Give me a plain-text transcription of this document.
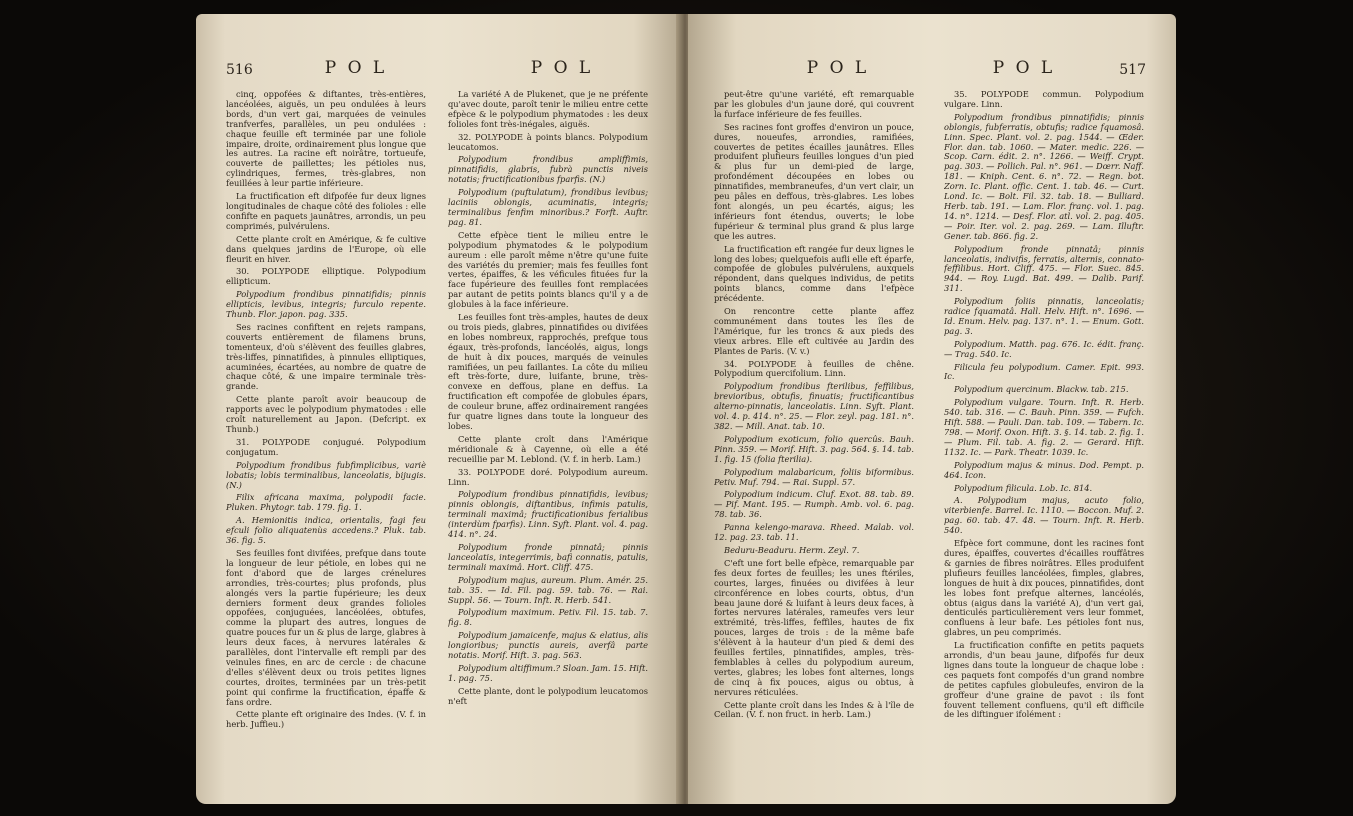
516	P O L	P O L

cinq, oppofées & diftantes, très-entières, lancéolées, aiguës, un peu ondulées à leurs bords, d'un vert gai, marquées de veinules tranfverfes, parallèles, un peu ondulées : chaque feuille eft terminée par une foliole impaire, droite, ordinairement plus longue que les autres. La racine eft noirâtre, tortueufe, couverte de paillettes; les pétioles nus, cylindriques, fermes, très-glabres, non feuillées à leur partie inférieure.

La fructification eft difpofée fur deux lignes longitudinales de chaque côté des folioles : elle confifte en paquets jaunâtres, arrondis, un peu comprimés, pulvérulens.

Cette plante croît en Amérique, & fe cultive dans quelques jardins de l'Europe, où elle fleurit en hiver.

30. POLYPODE elliptique. Polypodium ellipticum.

Polypodium frondibus pinnatifidis; pinnis ellipticis, levibus, integris; furculo repente. Thunb. Flor. japon. pag. 335.

Ses racines confiftent en rejets rampans, couverts entièrement de filamens bruns, tomenteux, d'où s'élèvent des feuilles glabres, très-liffes, pinnatifides, à pinnules elliptiques, acuminées, écartées, au nombre de quatre de chaque côté, & une impaire terminale très-grande.

Cette plante paroît avoir beaucoup de rapports avec le polypodium phymatodes : elle croît naturellement au Japon. (Defcript. ex Thunb.)

31. POLYPODE conjugué. Polypodium conjugatum.

Polypodium frondibus fubfimplicibus, variè lobatis; lobis terminalibus, lanceolatis, bijugis. (N.)

Filix africana maxima, polypodii facie. Pluken. Phytogr. tab. 179. fig. 1.

A. Hemionitis indica, orientalis, fagi feu efculi folio aliquatenùs accedens.? Pluk. tab. 36. fig. 5.

Ses feuilles font divifées, prefque dans toute la longueur de leur pétiole, en lobes qui ne font d'abord que de larges crénelures arrondies, très-courtes; plus profonds, plus alongés vers la partie fupérieure; les deux derniers forment deux grandes folioles oppofées, conjuguées, lancéolées, obtufes, comme la plupart des autres, longues de quatre pouces fur un & plus de large, glabres à leurs deux faces, à nervures latérales & parallèles, dont l'intervalle eft rempli par des veinules fines, en arc de cercle : de chacune d'elles s'élèvent deux ou trois petites lignes courtes, droites, terminées par un très-petit point qui confirme la fructification, épaffe & fans ordre.

Cette plante eft originaire des Indes. (V. f. in herb. Juffieu.)

La variété A de Plukenet, que je ne préfente qu'avec doute, paroît tenir le milieu entre cette efpèce & le polypodium phymatodes : les deux folioles font très-inégales, aiguës.

32. POLYPODE à points blancs. Polypodium leucatomos.

Polypodium frondibus ampliffimis, pinnatifidis, glabris, fubrà punctis niveis notatis; fructificationibus fparfis. (N.)

Polypodium (puftulatum), frondibus levibus; laciniis oblongis, acuminatis, integris; terminalibus fenfim minoribus.? Forft. Auftr. pag. 81.

Cette efpèce tient le milieu entre le polypodium phymatodes & le polypodium aureum : elle paroît même n'être qu'une fuite des variétés du premier; mais fes feuilles font vertes, épaiffes, & les véficules fituées fur la face fupérieure des feuilles font remplacées par autant de petits points blancs qu'il y a de globules à la face inférieure.

Les feuilles font très-amples, hautes de deux ou trois pieds, glabres, pinnatifides ou divifées en lobes nombreux, rapprochés, prefque tous égaux, très-profonds, lancéolés, aigus, longs de huit à dix pouces, marqués de veinules ramifiées, un peu faillantes. La côte du milieu eft très-forte, dure, luifante, brune, très-convexe en deffous, plane en deffus. La fructification eft compofée de globules épars, de couleur brune, affez ordinairement rangées fur quatre lignes dans toute la longueur des lobes.

Cette plante croît dans l'Amérique méridionale & à Cayenne, où elle a été recueillie par M. Leblond. (V. f. in herb. Lam.)

33. POLYPODE doré. Polypodium aureum. Linn.

Polypodium frondibus pinnatifidis, levibus; pinnis oblongis, diftantibus, infimis patulis, terminali maximâ; fructificationibus ferialibus (interdùm fparfis). Linn. Syft. Plant. vol. 4. pag. 414. n°. 24.

Polypodium fronde pinnatâ; pinnis lanceolatis, integerrimis, bafi connatis, patulis, terminali maximâ. Hort. Cliff. 475.

Polypodium majus, aureum. Plum. Amér. 25. tab. 35. — Id. Fil. pag. 59. tab. 76. — Rai. Suppl. 56. — Tourn. Inft. R. Herb. 541.

Polypodium maximum. Petiv. Fil. 15. tab. 7. fig. 8.

Polypodium jamaicenfe, majus & elatius, alis longioribus; punctis aureis, averfâ parte notatis. Morif. Hift. 3. pag. 563.

Polypodium altiffimum.? Sloan. Jam. 15. Hift. 1. pag. 75.

Cette plante, dont le polypodium leucatomos n'eft

P O L	P O L	517

peut-être qu'une variété, eft remarquable par les globules d'un jaune doré, qui couvrent la furface inférieure de fes feuilles.

Ses racines font groffes d'environ un pouce, dures, noueufes, arrondies, ramifiées, couvertes de petites écailles jaunâtres. Elles produifent plufieurs feuilles longues d'un pied & plus fur un demi-pied de large, profondément découpées en lobes ou pinnatifides, membraneufes, d'un vert clair, un peu pâles en deffous, très-glabres. Les lobes font alongés, un peu écartés, aigus; les inférieurs font étendus, ouverts; le lobe fupérieur & terminal plus grand & plus large que les autres.

La fructification eft rangée fur deux lignes le long des lobes; quelquefois aufli elle eft éparfe, compofée de globules pulvérulens, auxquels répondent, dans quelques individus, de petits points blancs, comme dans l'efpèce précédente.

On rencontre cette plante affez communément dans toutes les îles de l'Amérique, fur les troncs & aux pieds des vieux arbres. Elle eft cultivée au Jardin des Plantes de Paris. (V. v.)

34. POLYPODE à feuilles de chêne. Polypodium quercifolium. Linn.

Polypodium frondibus fterilibus, feffilibus, brevioribus, obtufis, finuatis; fructificantibus alterno-pinnatis, lanceolatis. Linn. Syft. Plant. vol. 4. p. 414. n°. 25. — Flor. zeyl. pag. 181. n°. 382. — Mill. Anat. tab. 10.

Polypodium exoticum, folio quercûs. Bauh. Pinn. 359. — Morif. Hift. 3. pag. 564. §. 14. tab. 1. fig. 15 (folia fterilia).

Polypodium malabaricum, foliis biformibus. Petiv. Muf. 794. — Rai. Suppl. 57.

Polypodium indicum. Cluf. Exot. 88. tab. 89. — Pif. Mant. 195. — Rumph. Amb. vol. 6. pag. 78. tab. 36.

Panna kelengo-marava. Rheed. Malab. vol. 12. pag. 23. tab. 11.

Beduru-Beaduru. Herm. Zeyl. 7.

C'eft une fort belle efpèce, remarquable par fes deux fortes de feuilles; les unes ftériles, courtes, larges, finuées ou divifées à leur circonférence en lobes courts, obtus, d'un beau jaune doré & luifant à leurs deux faces, à fortes nervures latérales, rameufes vers leur extrémité, très-liffes, feffiles, hautes de fix pouces, larges de trois : de la même bafe s'élèvent à la hauteur d'un pied & demi des feuilles fertiles, pinnatifides, amples, très-femblables à celles du polypodium aureum, vertes, glabres; les lobes font alternes, longs de cinq à fix pouces, aigus ou obtus, à nervures réticulées.

Cette plante croît dans les Indes & à l'île de Ceilan. (V. f. non fruct. in herb. Lam.)

35. POLYPODE commun. Polypodium vulgare. Linn.

Polypodium frondibus pinnatifidis; pinnis oblongis, fubferratis, obtufis; radice fquamosâ. Linn. Spec. Plant. vol. 2. pag. 1544. — Œder. Flor. dan. tab. 1060. — Mater. medic. 226. — Scop. Carn. édit. 2. n°. 1266. — Weiff. Crypt. pag. 303. — Pollich. Pal. n°. 961. — Dœrr. Naff. 181. — Kniph. Cent. 6. n°. 72. — Regn. bot. Zorn. Ic. Plant. offic. Cent. 1. tab. 46. — Curt. Lond. Ic. — Bolt. Fil. 32. tab. 18. — Bulliard. Herb. tab. 191. — Lam. Flor. franç. vol. 1. pag. 14. n°. 1214. — Desf. Flor. atl. vol. 2. pag. 405. — Poir. Iter. vol. 2. pag. 269. — Lam. Illuftr. Gener. tab. 866. fig. 2.

Polypodium fronde pinnatâ; pinnis lanceolatis, indivifis, ferratis, alternis, connato-feffilibus. Hort. Cliff. 475. — Flor. Suec. 845. 944. — Roy. Lugd. Bat. 499. — Dalib. Parif. 311.

Polypodium foliis pinnatis, lanceolatis; radice fquamatâ. Hall. Helv. Hift. n°. 1696. — Id. Enum. Helv. pag. 137. n°. 1. — Enum. Gott. pag. 3.

Polypodium. Matth. pag. 676. Ic. édit. franç. — Trag. 540. Ic.

Filicula feu polypodium. Camer. Epit. 993. Ic.

Polypodium quercinum. Blackw. tab. 215.

Polypodium vulgare. Tourn. Inft. R. Herb. 540. tab. 316. — C. Bauh. Pinn. 359. — Fufch. Hift. 588. — Pauli. Dan. tab. 109. — Tabern. Ic. 798. — Morif. Oxon. Hift. 3. §. 14. tab. 2. fig. 1. — Plum. Fil. tab. A. fig. 2. — Gerard. Hift. 1132. Ic. — Park. Theatr. 1039. Ic.

Polypodium majus & minus. Dod. Pempt. p. 464. Icon.

Polypodium filicula. Lob. Ic. 814.

A. Polypodium majus, acuto folio, viterbienfe. Barrel. Ic. 1110. — Boccon. Muf. 2. pag. 60. tab. 47. 48. — Tourn. Inft. R. Herb. 540.

Efpèce fort commune, dont les racines font dures, épaiffes, couvertes d'écailles rouffâtres & garnies de fibres noirâtres. Elles produifent plufieurs feuilles lancéolées, fimples, glabres, longues de huit à dix pouces, pinnatifides, dont les lobes font prefque alternes, lancéolés, obtus (aigus dans la variété A), d'un vert gai, denticulés particulièrement vers leur fommet, confluens à leur bafe. Les pétioles font nus, glabres, un peu comprimés.

La fructification confifte en petits paquets arrondis, d'un beau jaune, difpofés fur deux lignes dans toute la longueur de chaque lobe : ces paquets font compofés d'un grand nombre de petites capfules globuleufes, environ de la groffeur d'une graine de pavot : ils font fouvent tellement confluens, qu'il eft difficile de les diftinguer ifolément :
